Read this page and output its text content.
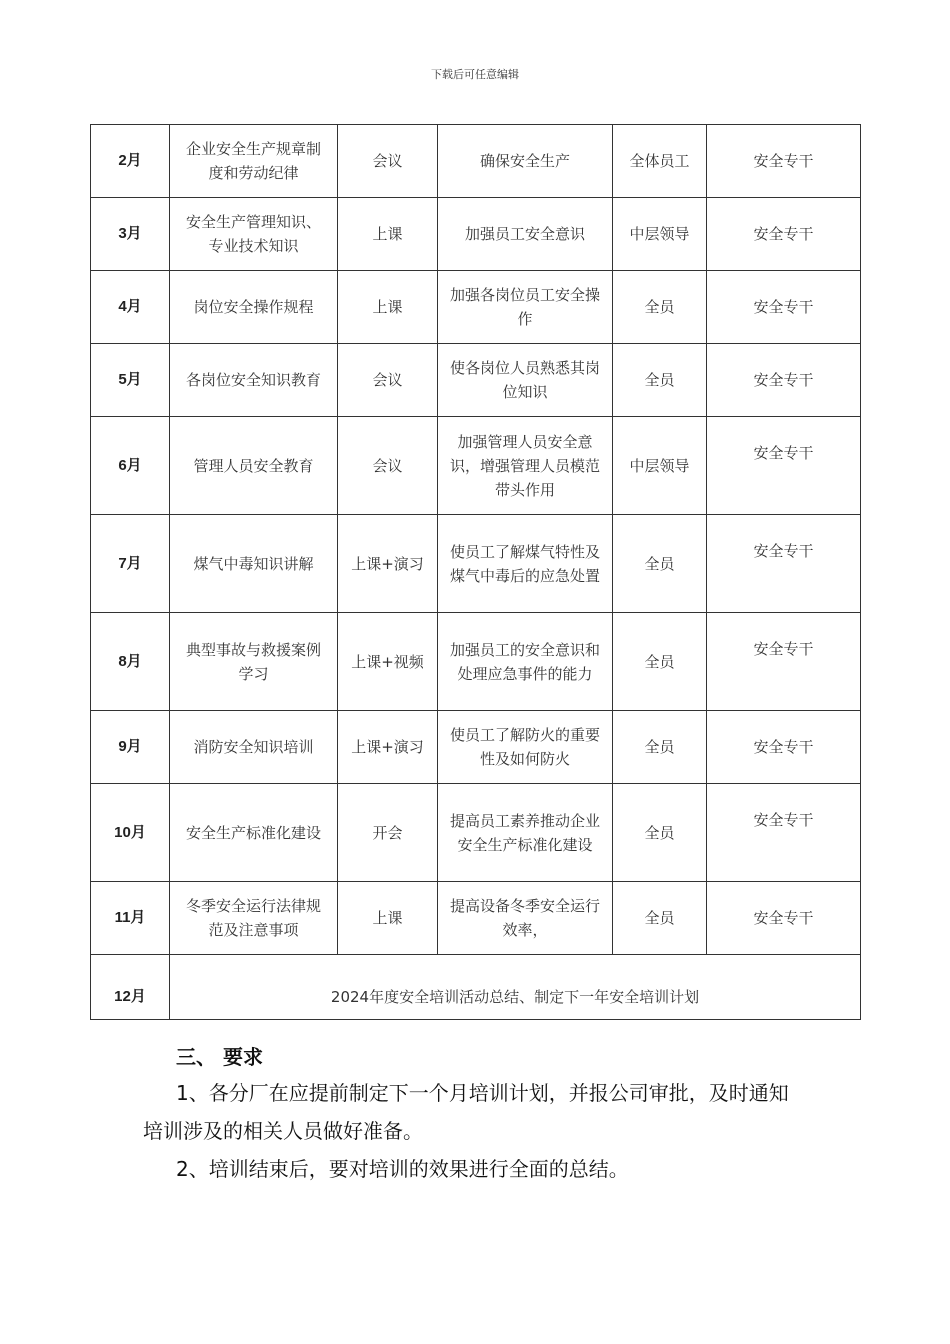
下载后可任意编辑
2月	企业安全生产规章制度和劳动纪律	会议	确保安全生产	全体员工	安全专干
3月	安全生产管理知识、专业技术知识	上课	加强员工安全意识	中层领导	安全专干
4月	岗位安全操作规程	上课	加强各岗位员工安全操作	全员	安全专干
5月	各岗位安全知识教育	会议	使各岗位人员熟悉其岗位知识	全员	安全专干
6月	管理人员安全教育	会议	加强管理人员安全意识，增强管理人员模范带头作用	中层领导	安全专干
7月	煤气中毒知识讲解	上课+演习	使员工了解煤气特性及煤气中毒后的应急处置	全员	安全专干
8月	典型事故与救援案例学习	上课+视频	加强员工的安全意识和处理应急事件的能力	全员	安全专干
9月	消防安全知识培训	上课+演习	使员工了解防火的重要性及如何防火	全员	安全专干
10月	安全生产标准化建设	开会	提高员工素养推动企业安全生产标准化建设	全员	安全专干
11月	冬季安全运行法律规范及注意事项	上课	提高设备冬季安全运行效率，	全员	安全专干
12月	2024年度安全培训活动总结、制定下一年安全培训计划				
三、 要求
1、各分厂在应提前制定下一个月培训计划，并报公司审批，及时通知培训涉及的相关人员做好准备。
2、培训结束后，要对培训的效果进行全面的总结。
